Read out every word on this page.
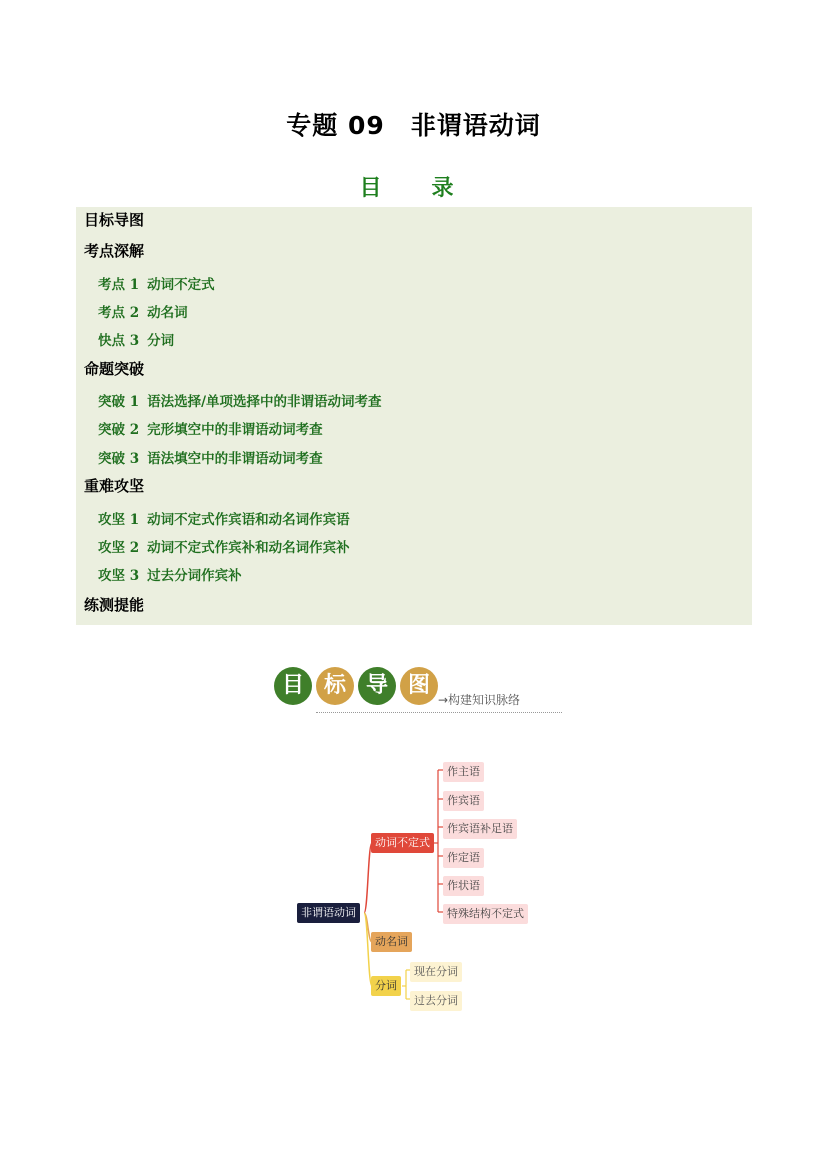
专题 09　非谓语动词
目　录
目标导图
考点深解
考点 1 动词不定式
考点 2 动名词
快点 3 分词
命题突破
突破 1 语法选择/单项选择中的非谓语动词考查
突破 2 完形填空中的非谓语动词考查
突破 3 语法填空中的非谓语动词考查
重难攻坚
攻坚 1 动词不定式作宾语和动名词作宾语
攻坚 2 动词不定式作宾补和动名词作宾补
攻坚 3 过去分词作宾补
练测提能
目 标 导 图
→构建知识脉络
非谓语动词
动词不定式
动名词
分词
作主语
作宾语
作宾语补足语
作定语
作状语
特殊结构不定式
现在分词
过去分词
